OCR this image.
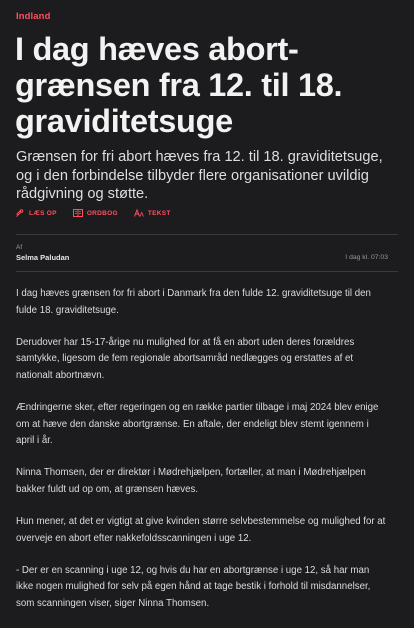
Indland
I dag hæves abort-grænsen fra 12. til 18. graviditetsuge

Grænsen for fri abort hæves fra 12. til 18. graviditetsuge, og i den forbindelse tilbyder flere organisationer uvildig rådgivning og støtte.

LÆS OP	ORDBOG	TEKST
Af
Selma Paludan	I dag kl. 07:03

I dag hæves grænsen for fri abort i Danmark fra den fulde 12. graviditetsuge til den fulde 18. graviditetsuge.

Derudover har 15-17-årige nu mulighed for at få en abort uden deres forældres samtykke, ligesom de fem regionale abortsamråd nedlægges og erstattes af et nationalt abortnævn.

Ændringerne sker, efter regeringen og en række partier tilbage i maj 2024 blev enige om at hæve den danske abortgrænse. En aftale, der endeligt blev stemt igennem i april i år.

Ninna Thomsen, der er direktør i Mødrehjælpen, fortæller, at man i Mødrehjælpen bakker fuldt ud op om, at grænsen hæves.

Hun mener, at det er vigtigt at give kvinden større selvbestemmelse og mulighed for at overveje en abort efter nakkefoldsscanningen i uge 12.

- Der er en scanning i uge 12, og hvis du har en abortgrænse i uge 12, så har man ikke nogen mulighed for selv på egen hånd at tage bestik i forhold til misdannelser, som scanningen viser, siger Ninna Thomsen.
